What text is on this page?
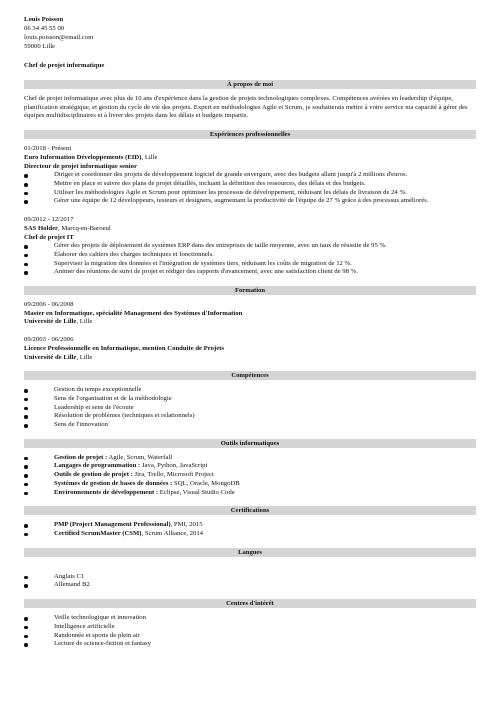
Louis Poisson
06 34 45 55 00
louis.poisson@email.com
59000 Lille
Chef de projet informatique
À propos de moi

Chef de projet informatique avec plus de 10 ans d'expérience dans la gestion de projets technologiques complexes. Compétences avérées en leadership d'équipe, planification stratégique, et gestion du cycle de vie des projets. Expert en méthodologies Agile et Scrum, je souhaiterais mettre à votre service ma capacité à gérer des équipes multidisciplinaires et à livrer des projets dans les délais et budgets impartis.

Expériences professionnelles
01/2018 - Présent
Euro Information Développements (EID), Lille
Directeur de projet informatique senior
Diriger et coordonner des projets de développement logiciel de grande envergure, avec des budgets allant jusqu'à 2 millions d'euros.
Mettre en place et suivre des plans de projet détaillés, incluant la définition des ressources, des délais et des budgets.
Utiliser les méthodologies Agile et Scrum pour optimiser les processus de développement, réduisant les délais de livraison de 24 %.
Gérer une équipe de 12 développeurs, testeurs et designers, augmentant la productivité de l'équipe de 27 % grâce à des processus améliorés.
09/2012 - 12/2017
SAS Holder, Marcq-en-Baroeul
Chef de projet IT
Gérer des projets de déploiement de systèmes ERP dans des entreprises de taille moyenne, avec un taux de réussite de 95 %.
Élaborer des cahiers des charges techniques et fonctionnels.
Superviser la migration des données et l'intégration de systèmes tiers, réduisant les coûts de migration de 12 %.
Animer des réunions de suivi de projet et rédiger des rapports d'avancement, avec une satisfaction client de 98 %.
Formation
09/2006 - 06/2008
Master en Informatique, spécialité Management des Systèmes d'Information
Université de Lille, Lille
09/2003 - 06/2006
Licence Professionnelle en Informatique, mention Conduite de Projets
Université de Lille, Lille
Compétences
Gestion du temps exceptionnelle
Sens de l'organisation et de la méthodologie
Leadership et sens de l'écoute
Résolution de problèmes (techniques et relationnels)
Sens de l'innovation
Outils informatiques
Gestion de projet : Agile, Scrum, Waterfall
Langages de programmation : Java, Python, JavaScript
Outils de gestion de projet : Jira, Trello, Microsoft Project
Systèmes de gestion de bases de données : SQL, Oracle, MongoDB
Environnements de développement : Eclipse, Visual Studio Code
Certifications
PMP (Project Management Professional), PMI, 2015
Certified ScrumMaster (CSM), Scrum Alliance, 2014
Langues
Anglais C1
Allemand B2
Centres d'intérêt
Veille technologique et innovation
Intelligence artificielle
Randonnée et sports de plein air
Lecture de science-fiction et fantasy
